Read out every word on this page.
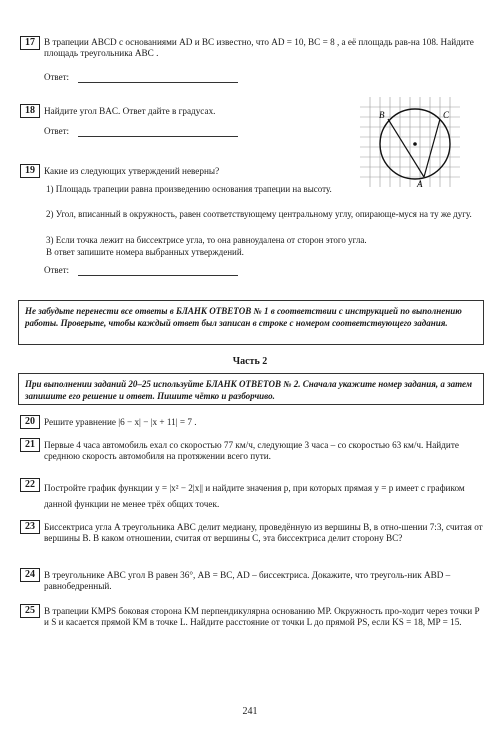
17 В трапеции ABCD с основаниями AD и BC известно, что AD = 10, BC = 8 , а её площадь рав-на 108. Найдите площадь треугольника ABC .
Ответ:
18 Найдите угол BAC. Ответ дайте в градусах.
Ответ:
B	C
A
19 Какие из следующих утверждений неверны?
1) Площадь трапеции равна произведению основания трапеции на высоту.
2) Угол, вписанный в окружность, равен соответствующему центральному углу, опирающе-муся на ту же дугу.
3) Если точка лежит на биссектрисе угла, то она равноудалена от сторон этого угла.
В ответ запишите номера выбранных утверждений.
Ответ:
Не забудьте перенести все ответы в БЛАНК ОТВЕТОВ № 1 в соответствии с инструкцией по выполнению работы. Проверьте, чтобы каждый ответ был записан в строке с номером соответствующего задания.
Часть 2
При выполнении заданий 20–25 используйте БЛАНК ОТВЕТОВ № 2. Сначала укажите номер задания, а затем запишите его решение и ответ. Пишите чётко и разборчиво.
20 Решите уравнение |6 − x| − |x + 11| = 7 .
21 Первые 4 часа автомобиль ехал со скоростью 77 км/ч, следующие 3 часа – со скоростью 63 км/ч. Найдите среднюю скорость автомобиля на протяжении всего пути.
22 Постройте график функции y = |x² − 2|x|| и найдите значения p, при которых прямая y = p имеет с графиком данной функции не менее трёх общих точек.
23 Биссектриса угла A треугольника ABC делит медиану, проведённую из вершины B, в отно-шении 7:3, считая от вершины B. В каком отношении, считая от вершины C, эта биссектриса делит сторону BC?
24 В треугольнике ABC угол B равен 36°, AB = BC, AD – биссектриса. Докажите, что треуголь-ник ABD – равнобедренный.
25 В трапеции KMPS боковая сторона KM перпендикулярна основанию MP. Окружность про-ходит через точки P и S и касается прямой KM в точке L. Найдите расстояние от точки L до прямой PS, если KS = 18, MP = 15.
241
